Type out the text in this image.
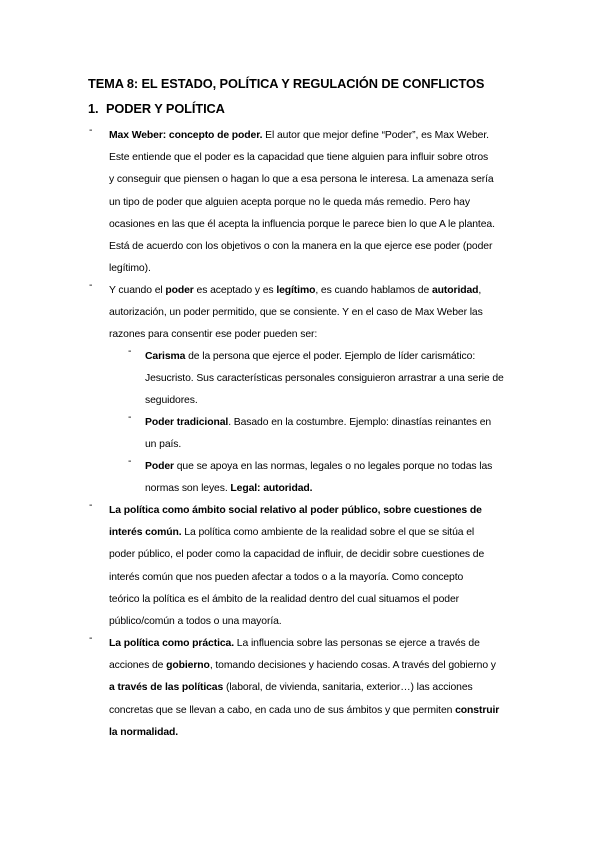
TEMA 8: EL ESTADO, POLÍTICA Y REGULACIÓN DE CONFLICTOS
1. PODER Y POLÍTICA
- Max Weber: concepto de poder. El autor que mejor define “Poder”, es Max Weber.
Este entiende que el poder es la capacidad que tiene alguien para influir sobre otros
y conseguir que piensen o hagan lo que a esa persona le interesa. La amenaza sería
un tipo de poder que alguien acepta porque no le queda más remedio. Pero hay
ocasiones en las que él acepta la influencia porque le parece bien lo que A le plantea.
Está de acuerdo con los objetivos o con la manera en la que ejerce ese poder (poder
legítimo).

- Y cuando el poder es aceptado y es legítimo, es cuando hablamos de autoridad,
autorización, un poder permitido, que se consiente. Y en el caso de Max Weber las
razones para consentir ese poder pueden ser:

- Carisma de la persona que ejerce el poder. Ejemplo de líder carismático:
Jesucristo. Sus características personales consiguieron arrastrar a una serie de
seguidores.

- Poder tradicional. Basado en la costumbre. Ejemplo: dinastías reinantes en
un país.

- Poder que se apoya en las normas, legales o no legales porque no todas las
normas son leyes. Legal: autoridad.

- La política como ámbito social relativo al poder público, sobre cuestiones de
interés común. La política como ambiente de la realidad sobre el que se sitúa el
poder público, el poder como la capacidad de influir, de decidir sobre cuestiones de
interés común que nos pueden afectar a todos o a la mayoría. Como concepto
teórico la política es el ámbito de la realidad dentro del cual situamos el poder
público/común a todos o una mayoría.

- La política como práctica. La influencia sobre las personas se ejerce a través de
acciones de gobierno, tomando decisiones y haciendo cosas. A través del gobierno y
a través de las políticas (laboral, de vivienda, sanitaria, exterior…) las acciones
concretas que se llevan a cabo, en cada uno de sus ámbitos y que permiten construir
la normalidad.
